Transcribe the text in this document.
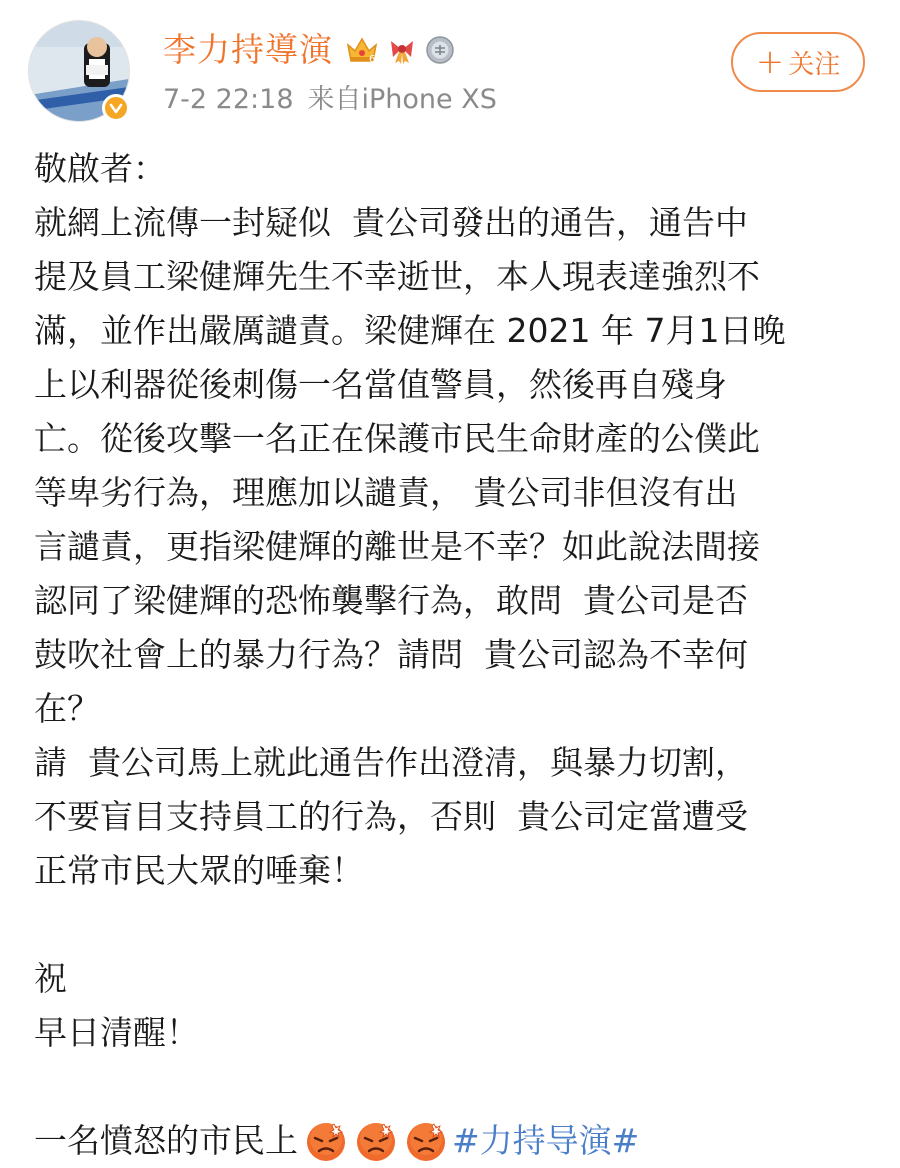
李力持導演	6
7-2 22:18 来自iPhone XS
+ 关注
敬啟者：
就網上流傳一封疑似  貴公司發出的通告，通告中
提及員工梁健輝先生不幸逝世，本人現表達強烈不
滿，並作出嚴厲譴責。梁健輝在 2021 年 7月1日晚
上以利器從後刺傷一名當值警員，然後再自殘身
亡。從後攻擊一名正在保護市民生命財產的公僕此
等卑劣行為，理應加以譴責， 貴公司非但沒有出
言譴責，更指梁健輝的離世是不幸？如此說法間接
認同了梁健輝的恐怖襲擊行為，敢問  貴公司是否
鼓吹社會上的暴力行為？請問  貴公司認為不幸何
在？
請  貴公司馬上就此通告作出澄清，與暴力切割，
不要盲目支持員工的行為，否則  貴公司定當遭受
正常市民大眾的唾棄！
祝
早日清醒！
一名憤怒的市民上	#力持导演#
